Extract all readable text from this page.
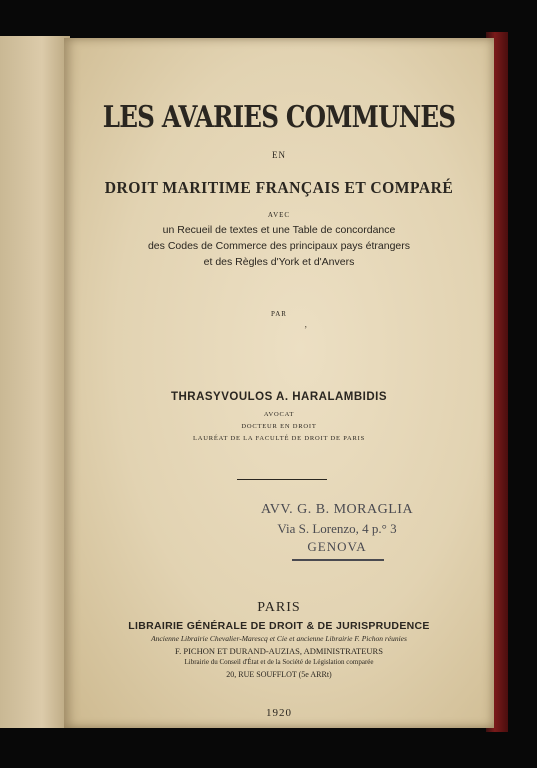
LES AVARIES COMMUNES
EN
DROIT MARITIME FRANÇAIS ET COMPARÉ
AVEC
un Recueil de textes et une Table de concordance
des Codes de Commerce des principaux pays étrangers
et des Règles d'York et d'Anvers
ʼ
PAR
THRASYVOULOS A. HARALAMBIDIS
AVOCAT
DOCTEUR EN DROIT
LAURÉAT DE LA FACULTÉ DE DROIT DE PARIS
AVV. G. B. MORAGLIA
Via S. Lorenzo, 4 p.° 3
GENOVA
PARIS
LIBRAIRIE GÉNÉRALE DE DROIT & DE JURISPRUDENCE
Ancienne Librairie Chevalier-Marescq et Cie et ancienne Librairie F. Pichon réunies
F. PICHON ET DURAND-AUZIAS, ADMINISTRATEURS
Librairie du Conseil d'État et de la Société de Législation comparée
20, RUE SOUFFLOT (5e ARRt)
1920
